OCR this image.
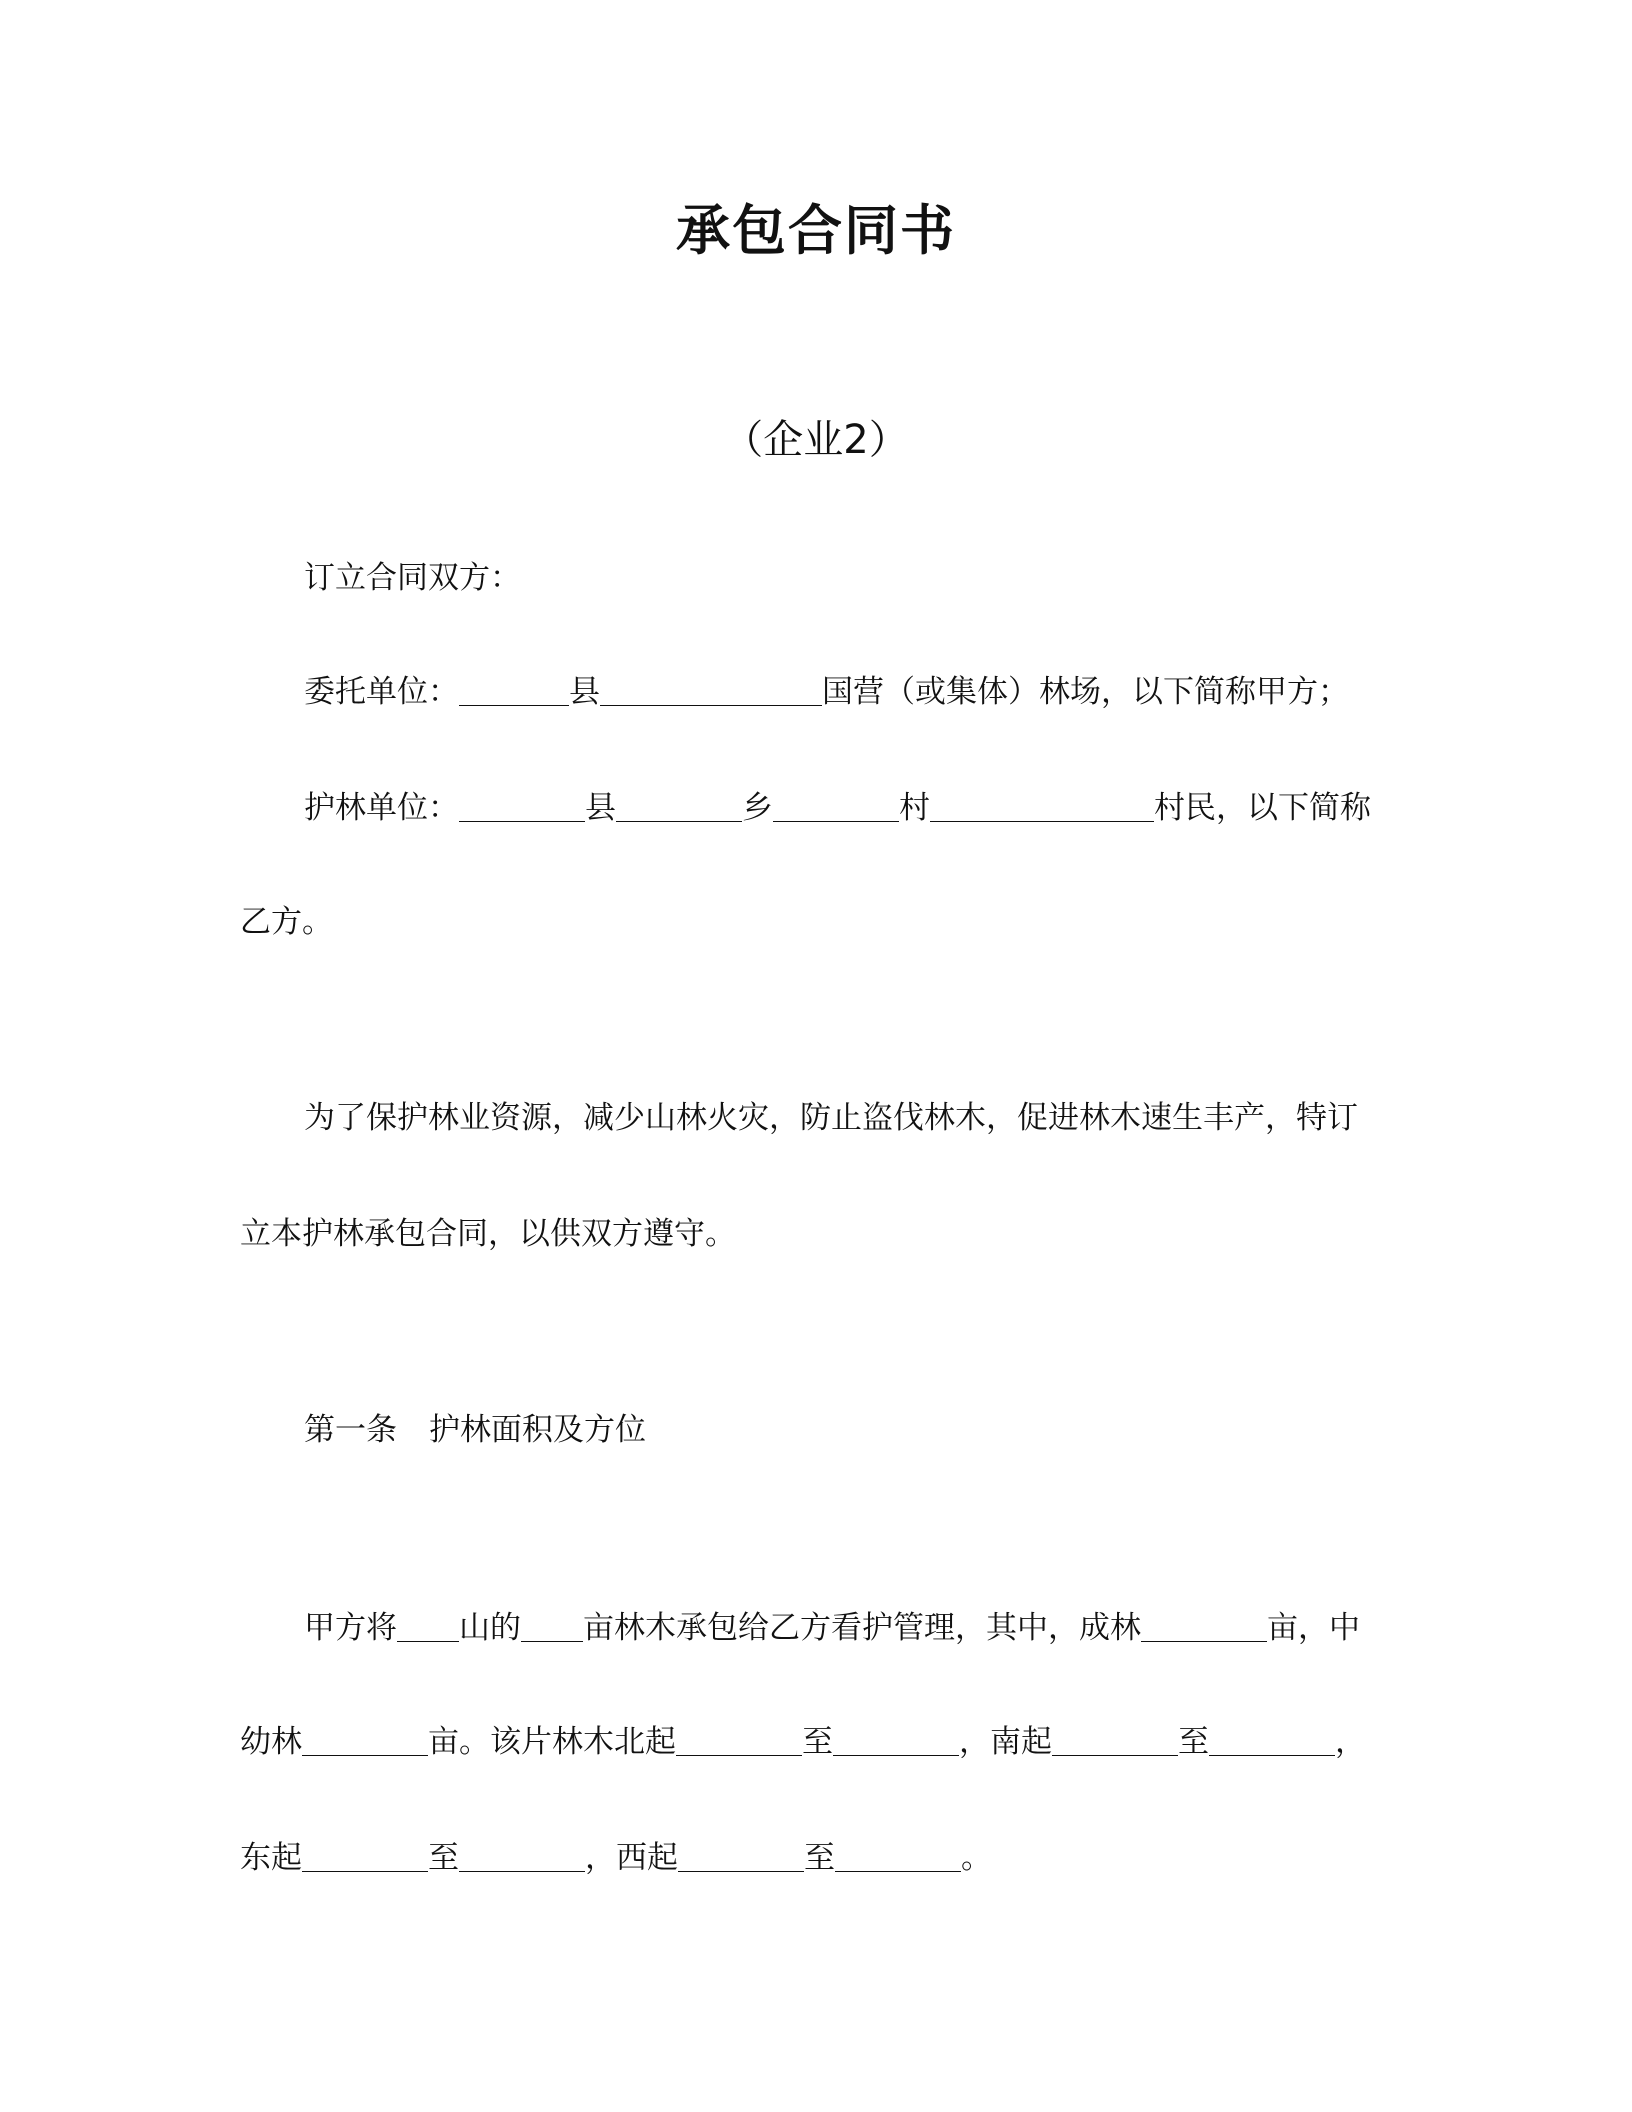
承包合同书
（企业2）
订立合同双方：
委托单位：	县	国营（或集体）林场，以下简称甲方；
护林单位：	县	乡	村	村民，以下简称
乙方。
为了保护林业资源，减少山林火灾，防止盗伐林木，促进林木速生丰产，特订
立本护林承包合同，以供双方遵守。
第一条 护林面积及方位
甲方将 山的 亩林木承包给乙方看护管理，其中，成林	亩，中
幼林	亩。该片林木北起	至	，南起	至	，
东起	至	，西起	至	。
